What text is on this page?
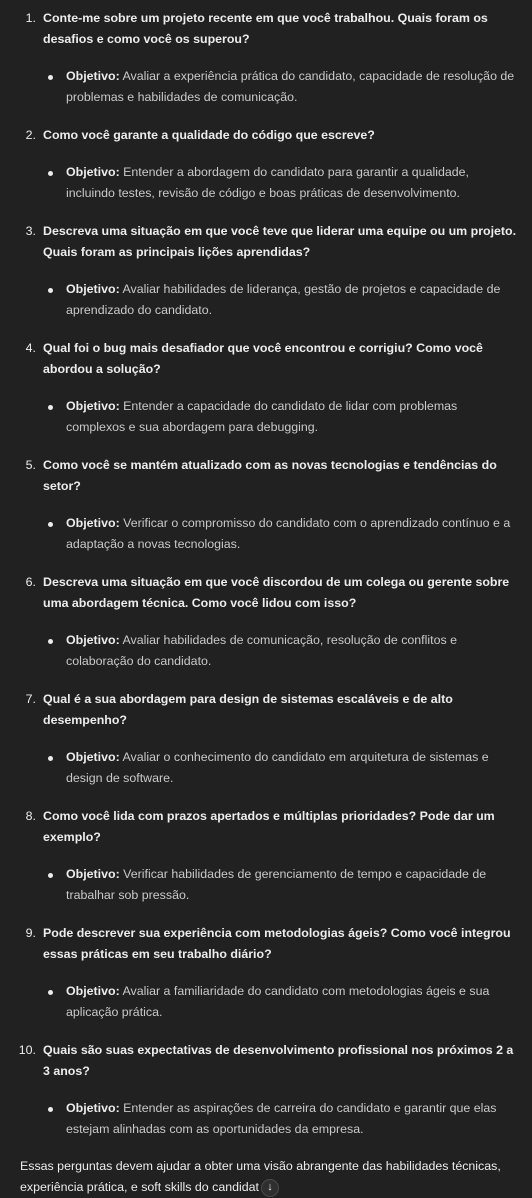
1. Conte-me sobre um projeto recente em que você trabalhou. Quais foram os desafios e como você os superou?
Objetivo: Avaliar a experiência prática do candidato, capacidade de resolução de problemas e habilidades de comunicação.
2. Como você garante a qualidade do código que escreve?
Objetivo: Entender a abordagem do candidato para garantir a qualidade, incluindo testes, revisão de código e boas práticas de desenvolvimento.
3. Descreva uma situação em que você teve que liderar uma equipe ou um projeto. Quais foram as principais lições aprendidas?
Objetivo: Avaliar habilidades de liderança, gestão de projetos e capacidade de aprendizado do candidato.
4. Qual foi o bug mais desafiador que você encontrou e corrigiu? Como você abordou a solução?
Objetivo: Entender a capacidade do candidato de lidar com problemas complexos e sua abordagem para debugging.
5. Como você se mantém atualizado com as novas tecnologias e tendências do setor?
Objetivo: Verificar o compromisso do candidato com o aprendizado contínuo e a adaptação a novas tecnologias.
6. Descreva uma situação em que você discordou de um colega ou gerente sobre uma abordagem técnica. Como você lidou com isso?
Objetivo: Avaliar habilidades de comunicação, resolução de conflitos e colaboração do candidato.
7. Qual é a sua abordagem para design de sistemas escaláveis e de alto desempenho?
Objetivo: Avaliar o conhecimento do candidato em arquitetura de sistemas e design de software.
8. Como você lida com prazos apertados e múltiplas prioridades? Pode dar um exemplo?
Objetivo: Verificar habilidades de gerenciamento de tempo e capacidade de trabalhar sob pressão.
9. Pode descrever sua experiência com metodologias ágeis? Como você integrou essas práticas em seu trabalho diário?
Objetivo: Avaliar a familiaridade do candidato com metodologias ágeis e sua aplicação prática.
10. Quais são suas expectativas de desenvolvimento profissional nos próximos 2 a 3 anos?
Objetivo: Entender as aspirações de carreira do candidato e garantir que elas estejam alinhadas com as oportunidades da empresa.
Essas perguntas devem ajudar a obter uma visão abrangente das habilidades técnicas, experiência prática, e soft skills do candidat ↓
